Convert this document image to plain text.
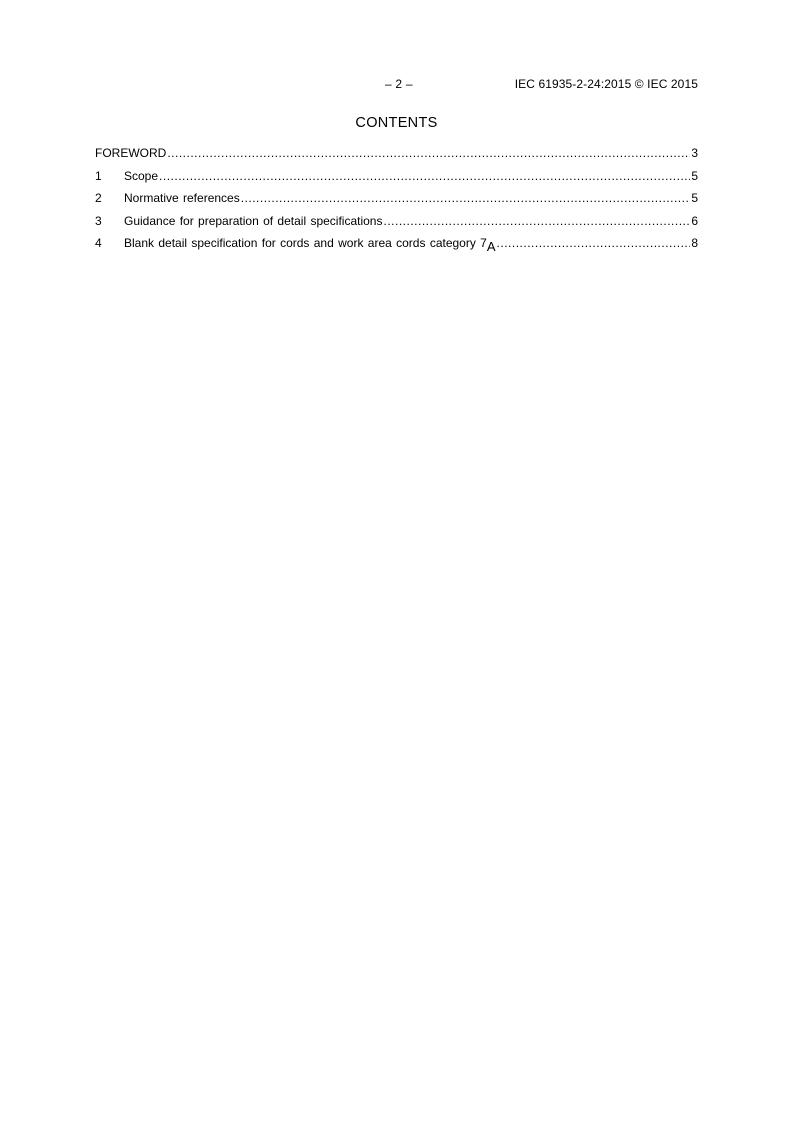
– 2 –	IEC 61935-2-24:2015 © IEC 2015
CONTENTS
FOREWORD .....	3
1	Scope .....	5
2	Normative references .....	5
3	Guidance for preparation of detail specifications .....	6
4	Blank detail specification for cords and work area cords category $7_A$ .....	8
